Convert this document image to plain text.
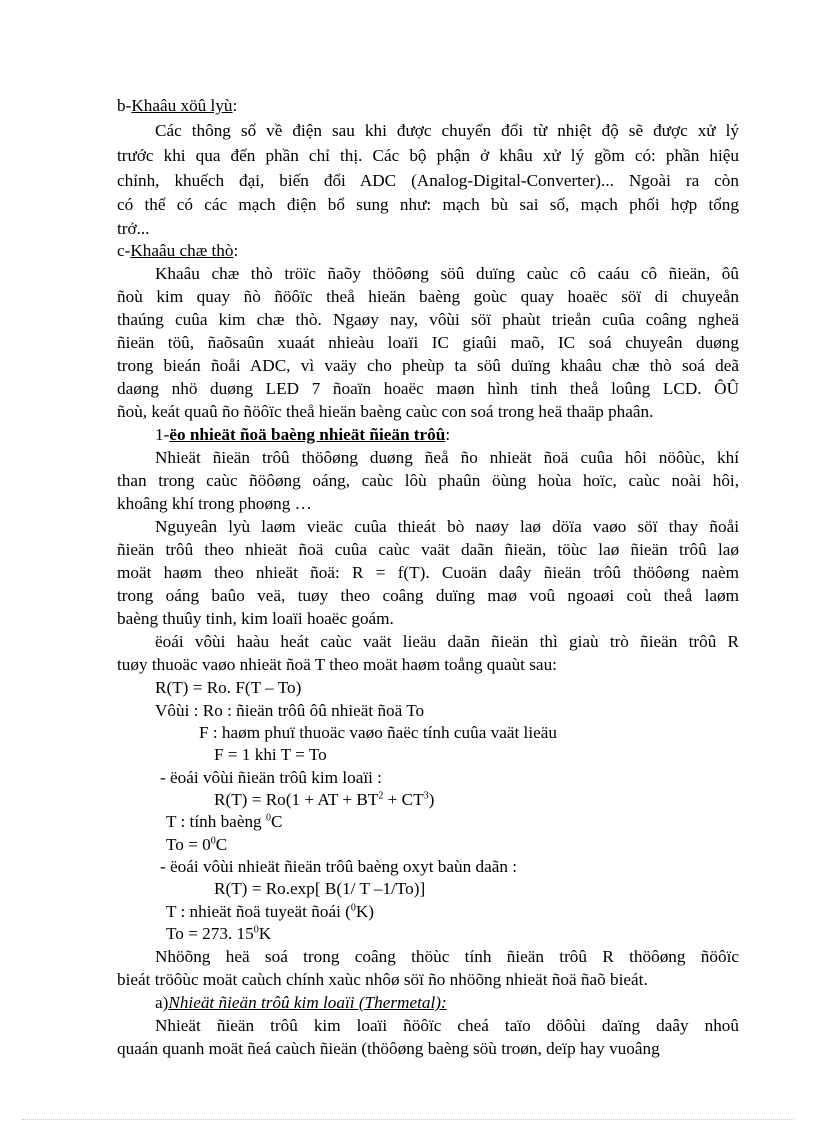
b-Khaâu xöû lyù:
Các thông số về điện sau khi được chuyển đổi từ nhiệt độ sẽ được xử lý
trước khi qua đến phần chỉ thị. Các bộ phận ở khâu xử lý gồm có: phần hiệu
chỉnh, khuếch đại, biến đổi ADC (Analog-Digital-Converter)... Ngoài ra còn
có thể có các mạch điện bổ sung như: mạch bù sai số, mạch phối hợp tổng
trở...
c-Khaâu chæ thò:
Khaâu chæ thò tröïc ñaõy thöôøng söû duïng caùc cô caáu cô ñieän, ôû
ñoù kim quay ñò ñöôïc theå hieän baèng goùc quay hoaëc söï di chuyeån
thaúng cuûa kim chæ thò. Ngaøy nay, vôùi söï phaùt trieån cuûa coâng ngheä
ñieän töû, ñaõsaûn xuaát nhieàu loaïi IC giaûi maõ, IC soá chuyeân duøng
trong bieán ñoåi ADC, vì vaäy cho pheùp ta söû duïng khaâu chæ thò soá deã
daøng nhö duøng LED 7 ñoaïn hoaëc maøn hình tinh theå loûng LCD. ÔÛ
ñoù, keát quaû ño ñöôïc theå hieän baèng caùc con soá trong heä thaäp phaân.
1-ëo nhieät ñoä baèng nhieät ñieän trôû:
Nhieät ñieän trôû thöôøng duøng ñeå ño nhieät ñoä cuûa hôi nöôùc, khí
than trong caùc ñöôøng oáng, caùc lôù phaûn öùng hoùa hoïc, caùc noài hôi,
khoâng khí trong phoøng …
Nguyeân lyù laøm vieäc cuûa thieát bò naøy laø döïa vaøo söï thay ñoåi
ñieän trôû theo nhieät ñoä cuûa caùc vaät daãn ñieän, töùc laø ñieän trôû laø
moät haøm theo nhieät ñoä: R = f(T). Cuoän daây ñieän trôû thöôøng naèm
trong oáng baûo veä, tuøy theo coâng duïng maø voû ngoaøi coù theå laøm
baèng thuûy tinh, kim loaïi hoaëc goám.
ëoái vôùi haàu heát caùc vaät lieäu daãn ñieän thì giaù trò ñieän trôû R
tuøy thuoäc vaøo nhieät ñoä T theo moät haøm toång quaùt sau:
R(T) = Ro. F(T – To)
Vôùi : Ro : ñieän trôû ôû nhieät ñoä To
F : haøm phuï thuoäc vaøo ñaëc tính cuûa vaät lieäu
F = 1 khi T = To
- ëoái vôùi ñieän trôû kim loaïi :
R(T) = Ro(1 + AT + $BT^2 + CT^3$)
T : tính baèng $^0$C
$To = 0^0C$
- ëoái vôùi nhieät ñieän trôû baèng oxyt baùn daãn :
R(T) = Ro.exp[ B(1/ T –1/To)]
T : nhieät ñoä tuyeät ñoái ($^0$K)
To = 273. $15^0K$
Nhöõng heä soá trong coâng thöùc tính ñieän trôû R thöôøng ñöôïc
bieát tröôùc moät caùch chính xaùc nhôø söï ño nhöõng nhieät ñoä ñaõ bieát.
a)Nhieät ñieän trôû kim loaïi (Thermetal):
Nhieät ñieän trôû kim loaïi ñöôïc cheá taïo döôùi daïng daây nhoû
quaán quanh moät ñeá caùch ñieän (thöôøng baèng söù troøn, deïp hay vuoâng
